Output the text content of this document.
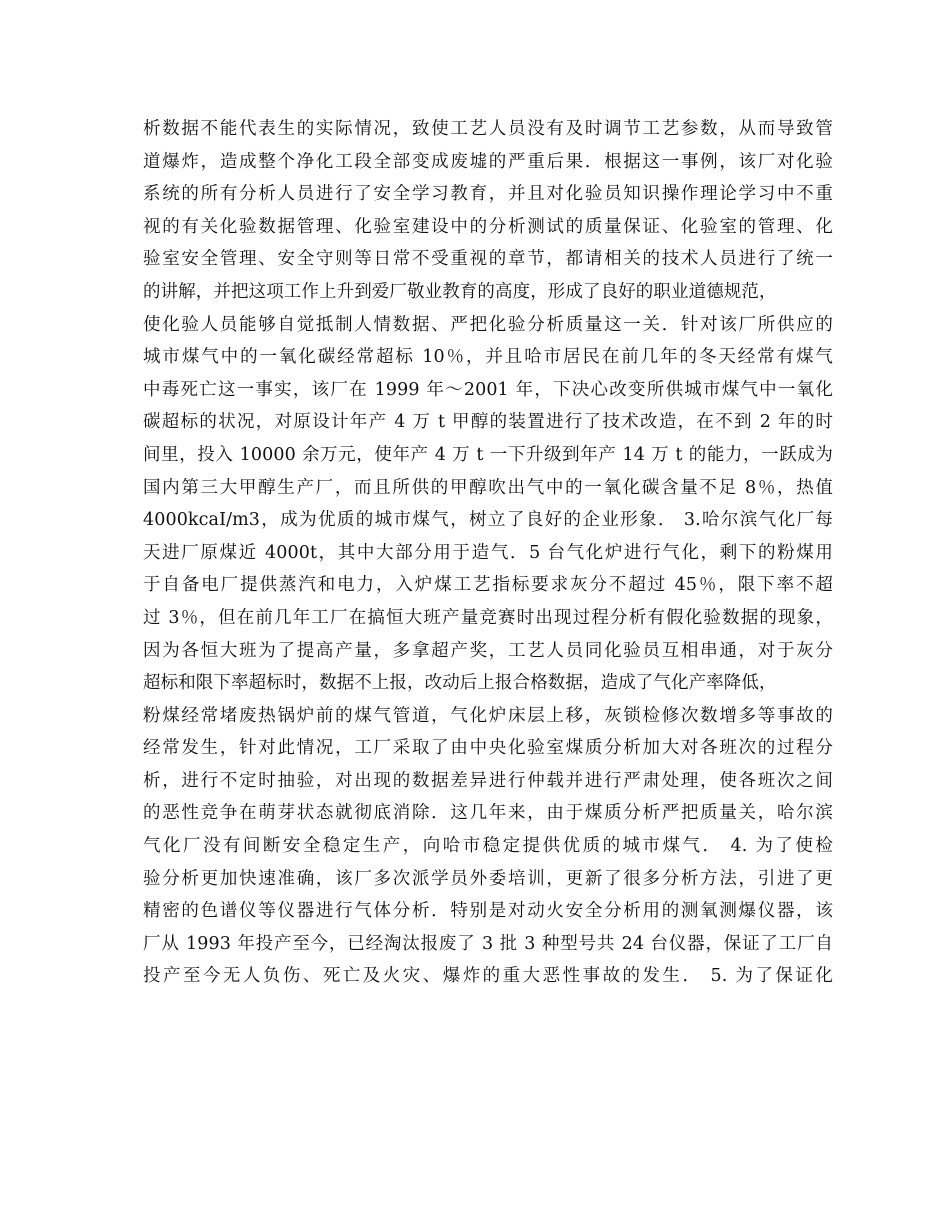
析数据不能代表生的实际情况，致使工艺人员没有及时调节工艺参数，从而导致管
道爆炸，造成整个净化工段全部变成废墟的严重后果．根据这一事例，该厂对化验
系统的所有分析人员进行了安全学习教育，并且对化验员知识操作理论学习中不重
视的有关化验数据管理、化验室建设中的分析测试的质量保证、化验室的管理、化
验室安全管理、安全守则等日常不受重视的章节，都请相关的技术人员进行了统一
的讲解，并把这项工作上升到爱厂敬业教育的高度，形成了良好的职业道德规范，
使化验人员能够自觉抵制人情数据、严把化验分析质量这一关．针对该厂所供应的
城市煤气中的一氧化碳经常超标 10％，并且哈市居民在前几年的冬天经常有煤气
中毒死亡这一事实，该厂在 1999 年～2001 年，下决心改变所供城市煤气中一氧化
碳超标的状况，对原设计年产 4 万 t 甲醇的装置进行了技术改造，在不到 2 年的时
间里，投入 10000 余万元，使年产 4 万 t 一下升级到年产 14 万 t 的能力，一跃成为
国内第三大甲醇生产厂，而且所供的甲醇吹出气中的一氧化碳含量不足 8％，热值
4000kcaI/m3，成为优质的城市煤气，树立了良好的企业形象． 3.哈尔滨气化厂每
天进厂原煤近 4000t，其中大部分用于造气．5 台气化炉进行气化，剩下的粉煤用
于自备电厂提供蒸汽和电力，入炉煤工艺指标要求灰分不超过 45％，限下率不超
过 3％，但在前几年工厂在搞恒大班产量竞赛时出现过程分析有假化验数据的现象，
因为各恒大班为了提高产量，多拿超产奖，工艺人员同化验员互相串通，对于灰分
超标和限下率超标时，数据不上报，改动后上报合格数据，造成了气化产率降低，
粉煤经常堵废热锅炉前的煤气管道，气化炉床层上移，灰锁检修次数增多等事故的
经常发生，针对此情况，工厂采取了由中央化验室煤质分析加大对各班次的过程分
析，进行不定时抽验，对出现的数据差异进行仲载并进行严肃处理，使各班次之间
的恶性竞争在萌芽状态就彻底消除．这几年来，由于煤质分析严把质量关，哈尔滨
气化厂没有间断安全稳定生产，向哈市稳定提供优质的城市煤气． 4. 为了使检
验分析更加快速准确，该厂多次派学员外委培训，更新了很多分析方法，引进了更
精密的色谱仪等仪器进行气体分析．特别是对动火安全分析用的测氧测爆仪器，该
厂从 1993 年投产至今，已经淘汰报废了 3 批 3 种型号共 24 台仪器，保证了工厂自
投产至今无人负伤、死亡及火灾、爆炸的重大恶性事故的发生． 5. 为了保证化
